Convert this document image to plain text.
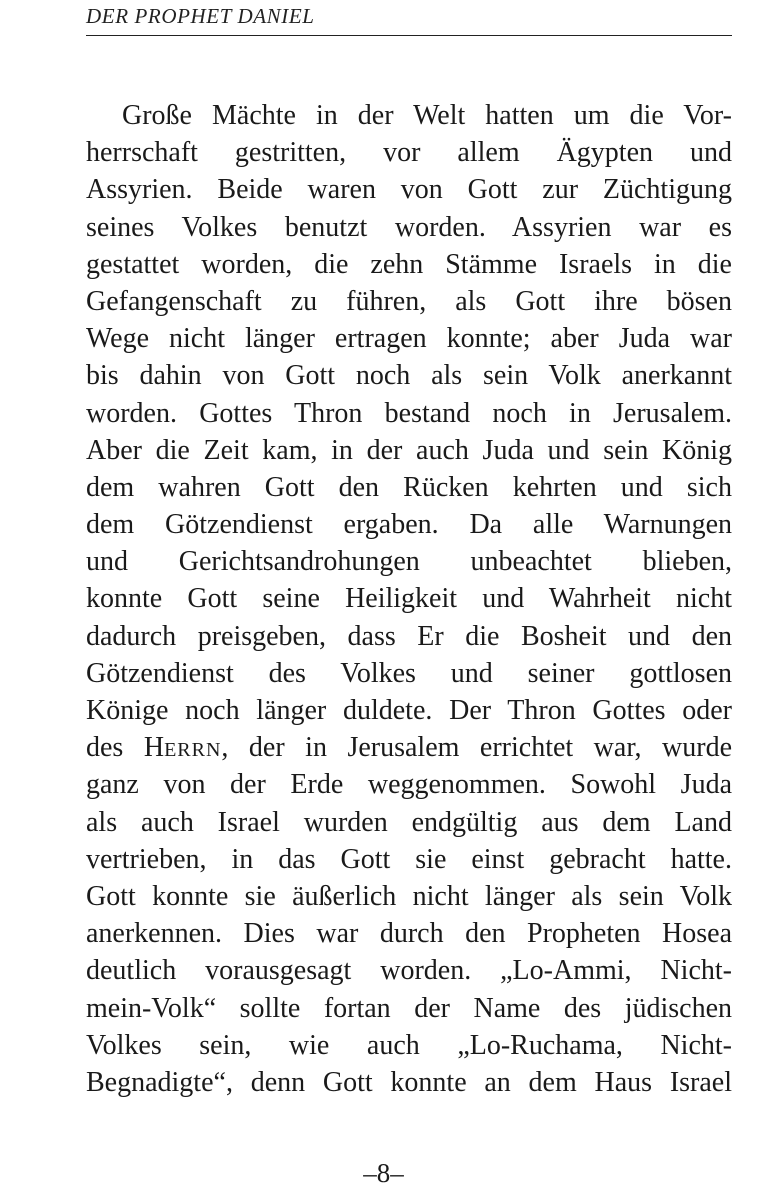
DER PROPHET DANIEL
Große Mächte in der Welt hatten um die Vor-
herrschaft gestritten, vor allem Ägypten und
Assyrien. Beide waren von Gott zur Züchtigung
seines Volkes benutzt worden. Assyrien war es
gestattet worden, die zehn Stämme Israels in die
Gefangenschaft zu führen, als Gott ihre bösen
Wege nicht länger ertragen konnte; aber Juda war
bis dahin von Gott noch als sein Volk anerkannt
worden. Gottes Thron bestand noch in Jerusalem.
Aber die Zeit kam, in der auch Juda und sein König
dem wahren Gott den Rücken kehrten und sich
dem Götzendienst ergaben. Da alle Warnungen
und Gerichtsandrohungen unbeachtet blieben,
konnte Gott seine Heiligkeit und Wahrheit nicht
dadurch preisgeben, dass Er die Bosheit und den
Götzendienst des Volkes und seiner gottlosen
Könige noch länger duldete. Der Thron Gottes oder
des Herrn, der in Jerusalem errichtet war, wurde
ganz von der Erde weggenommen. Sowohl Juda
als auch Israel wurden endgültig aus dem Land
vertrieben, in das Gott sie einst gebracht hatte.
Gott konnte sie äußerlich nicht länger als sein Volk
anerkennen. Dies war durch den Propheten Hosea
deutlich vorausgesagt worden. „Lo-Ammi, Nicht-
mein-Volk“ sollte fortan der Name des jüdischen
Volkes sein, wie auch „Lo-Ruchama, Nicht-
Begnadigte“, denn Gott konnte an dem Haus Israel
–8–
